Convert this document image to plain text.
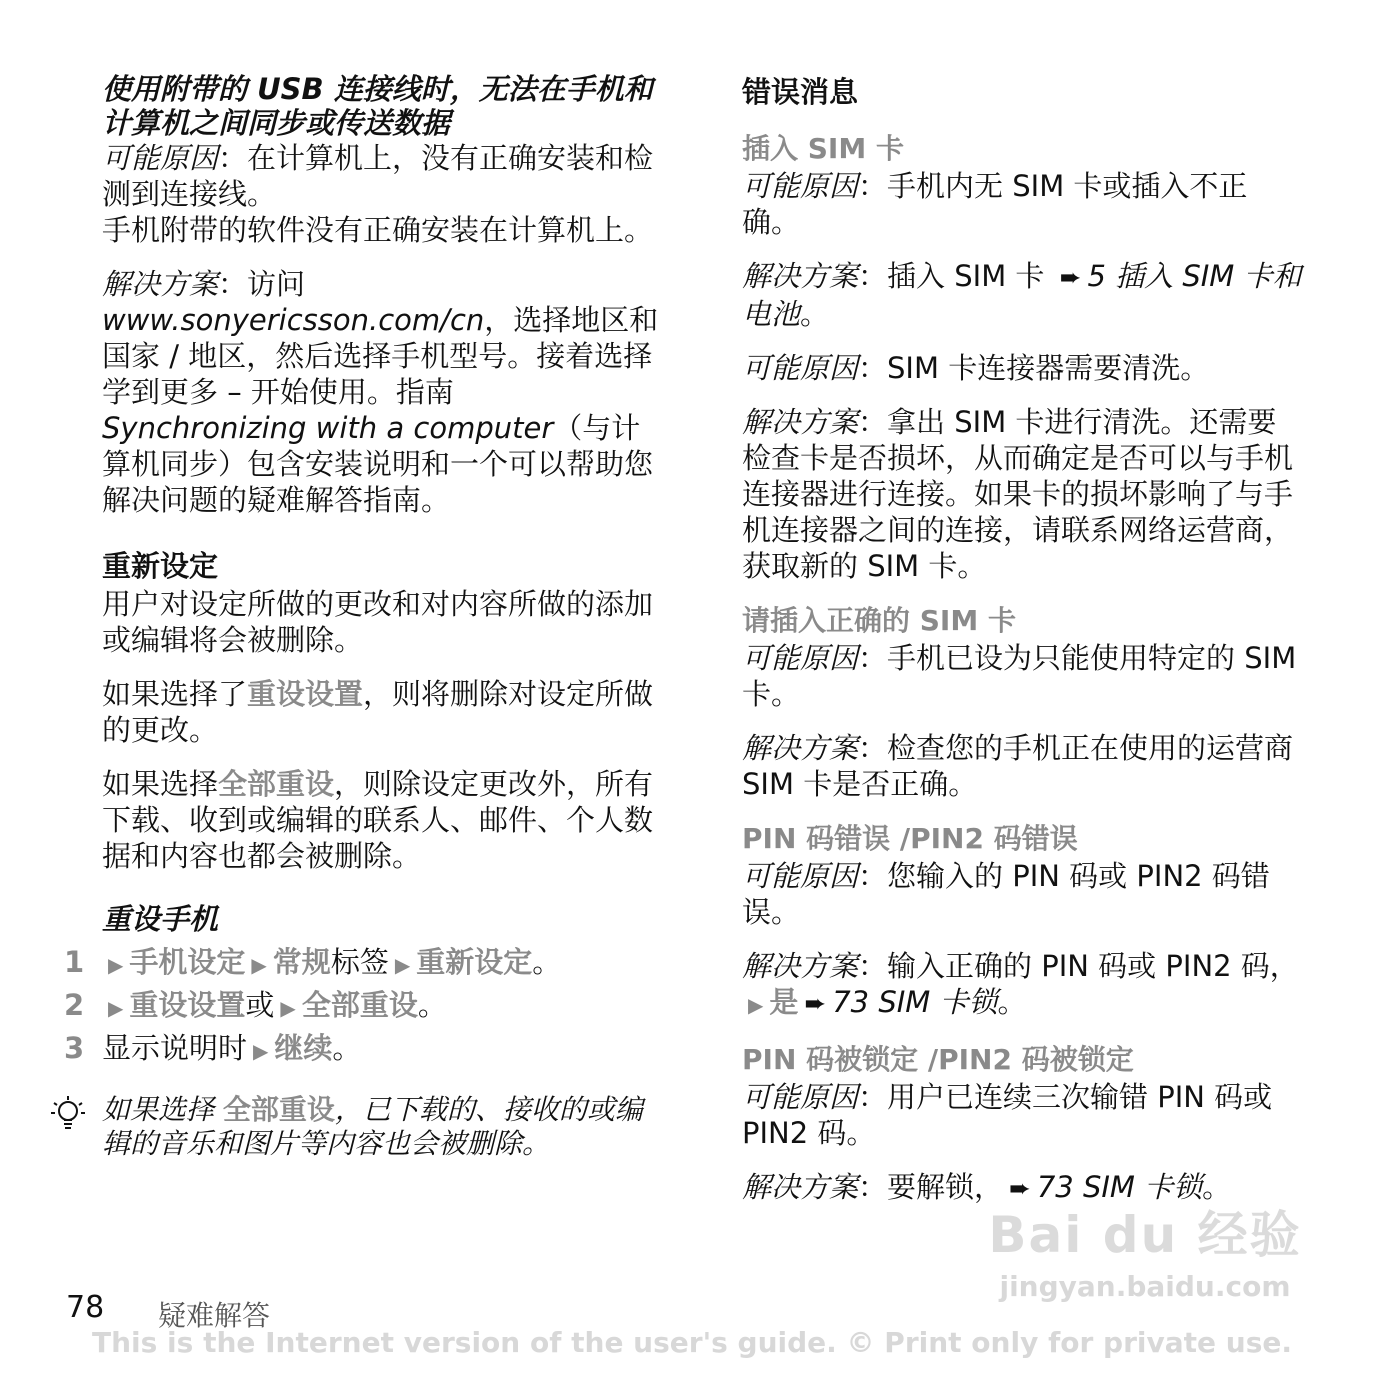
使用附带的 USB 连接线时，无法在手机和计算机之间同步或传送数据

可能原因：在计算机上，没有正确安装和检测到连接线。

手机附带的软件没有正确安装在计算机上。

解决方案：访问
www.sonyericsson.com/cn，选择地区和国家 / 地区，然后选择手机型号。接着选择学到更多 – 开始使用。指南 Synchronizing with a computer（与计算机同步）包含安装说明和一个可以帮助您解决问题的疑难解答指南。

重新设定

用户对设定所做的更改和对内容所做的添加或编辑将会被删除。

如果选择了重设设置，则将删除对设定所做的更改。

如果选择全部重设，则除设定更改外，所有下载、收到或编辑的联系人、邮件、个人数据和内容也都会被删除。

重设手机

1	▶ 手机设定 ▶ 常规标签 ▶ 重新设定。
2	▶ 重设设置或 ▶ 全部重设。
3 显示说明时 ▶ 继续。
如果选择 全部重设，已下载的、接收的或编辑的音乐和图片等内容也会被删除。

错误消息

插入 SIM 卡

可能原因：手机内无 SIM 卡或插入不正确。

解决方案：插入 SIM 卡 ➨ 5 插入 SIM 卡和电池。

可能原因：SIM 卡连接器需要清洗。

解决方案：拿出 SIM 卡进行清洗。还需要检查卡是否损坏，从而确定是否可以与手机连接器进行连接。如果卡的损坏影响了与手机连接器之间的连接，请联系网络运营商，获取新的 SIM 卡。

请插入正确的 SIM 卡

可能原因：手机已设为只能使用特定的 SIM 卡。

解决方案：检查您的手机正在使用的运营商 SIM 卡是否正确。

PIN 码错误 /PIN2 码错误

可能原因：您输入的 PIN 码或 PIN2 码错误。

解决方案：输入正确的 PIN 码或 PIN2 码，▶ 是 ➨ 73 SIM 卡锁。

PIN 码被锁定 /PIN2 码被锁定

可能原因：用户已连续三次输错 PIN 码或 PIN2 码。

解决方案：要解锁， ➨ 73 SIM 卡锁。

Bai du 经验
jingyan.baidu.com
78 疑难解答
This is the Internet version of the user's guide. © Print only for private use.
